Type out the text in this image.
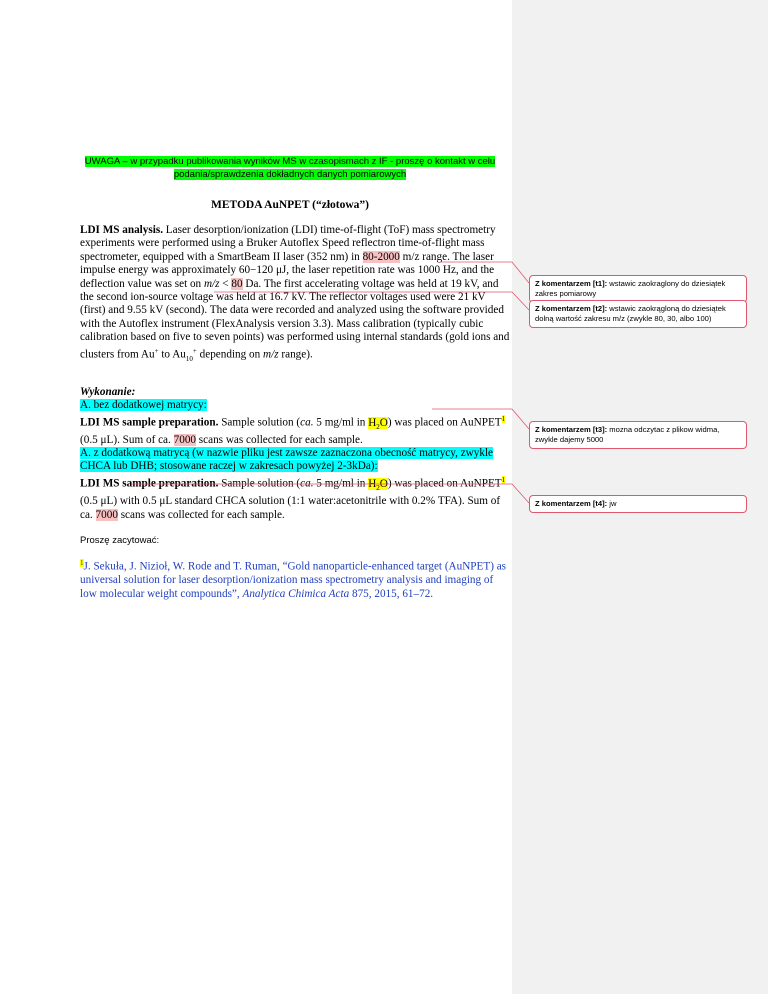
UWAGA – w przypadku publikowania wyników MS w czasopismach z IF - proszę o kontakt w celu
podania/sprawdzenia dokładnych danych pomiarowych
METODA AuNPET (“złotowa”)
LDI MS analysis. Laser desorption/ionization (LDI) time-of-flight (ToF) mass spectrometry experiments were performed using a Bruker Autoflex Speed reflectron time-of-flight mass spectrometer, equipped with a SmartBeam II laser (352 nm) in 80-2000 m/z range. The laser impulse energy was approximately 60−120 μJ, the laser repetition rate was 1000 Hz, and the deflection value was set on m/z < 80 Da. The first accelerating voltage was held at 19 kV, and the second ion-source voltage was held at 16.7 kV. The reflector voltages used were 21 kV (first) and 9.55 kV (second). The data were recorded and analyzed using the software provided with the Autoflex instrument (FlexAnalysis version 3.3). Mass calibration (typically cubic calibration based on five to seven points) was performed using internal standards (gold ions and clusters from Au+ to $Au_{10}^+$ depending on m/z range).
Wykonanie:
A. bez dodatkowej matrycy:
LDI MS sample preparation. Sample solution (ca. 5 mg/ml in $H_2O$) was placed on AuNPET$^1$ (0.5 μL). Sum of ca. 7000 scans was collected for each sample.
A. z dodatkową matrycą (w nazwie pliku jest zawsze zaznaczona obecność matrycy, zwykle CHCA lub DHB; stosowane raczej w zakresach powyżej 2-3kDa):
LDI MS sample preparation. Sample solution (ca. 5 mg/ml in $H_2O$) was placed on AuNPET$^1$ (0.5 μL) with 0.5 μL standard CHCA solution (1:1 water:acetonitrile with 0.2% TFA). Sum of ca. 7000 scans was collected for each sample.
Proszę zacytować:
$^1$J. Sekuła, J. Nizioł, W. Rode and T. Ruman, “Gold nanoparticle-enhanced target (AuNPET) as universal solution for laser desorption/ionization mass spectrometry analysis and imaging of low molecular weight compounds”, Analytica Chimica Acta 875, 2015, 61–72.
Z komentarzem [t1]: wstawic zaokraglony do dziesiątek zakres pomiarowy
Z komentarzem [t2]: wstawic zaokrągloną do dziesiątek dolną wartość zakresu m/z (zwykle 80, 30, albo 100)
Z komentarzem [t3]: mozna odczytac z plikow widma, zwykle dajemy 5000
Z komentarzem [t4]: jw
